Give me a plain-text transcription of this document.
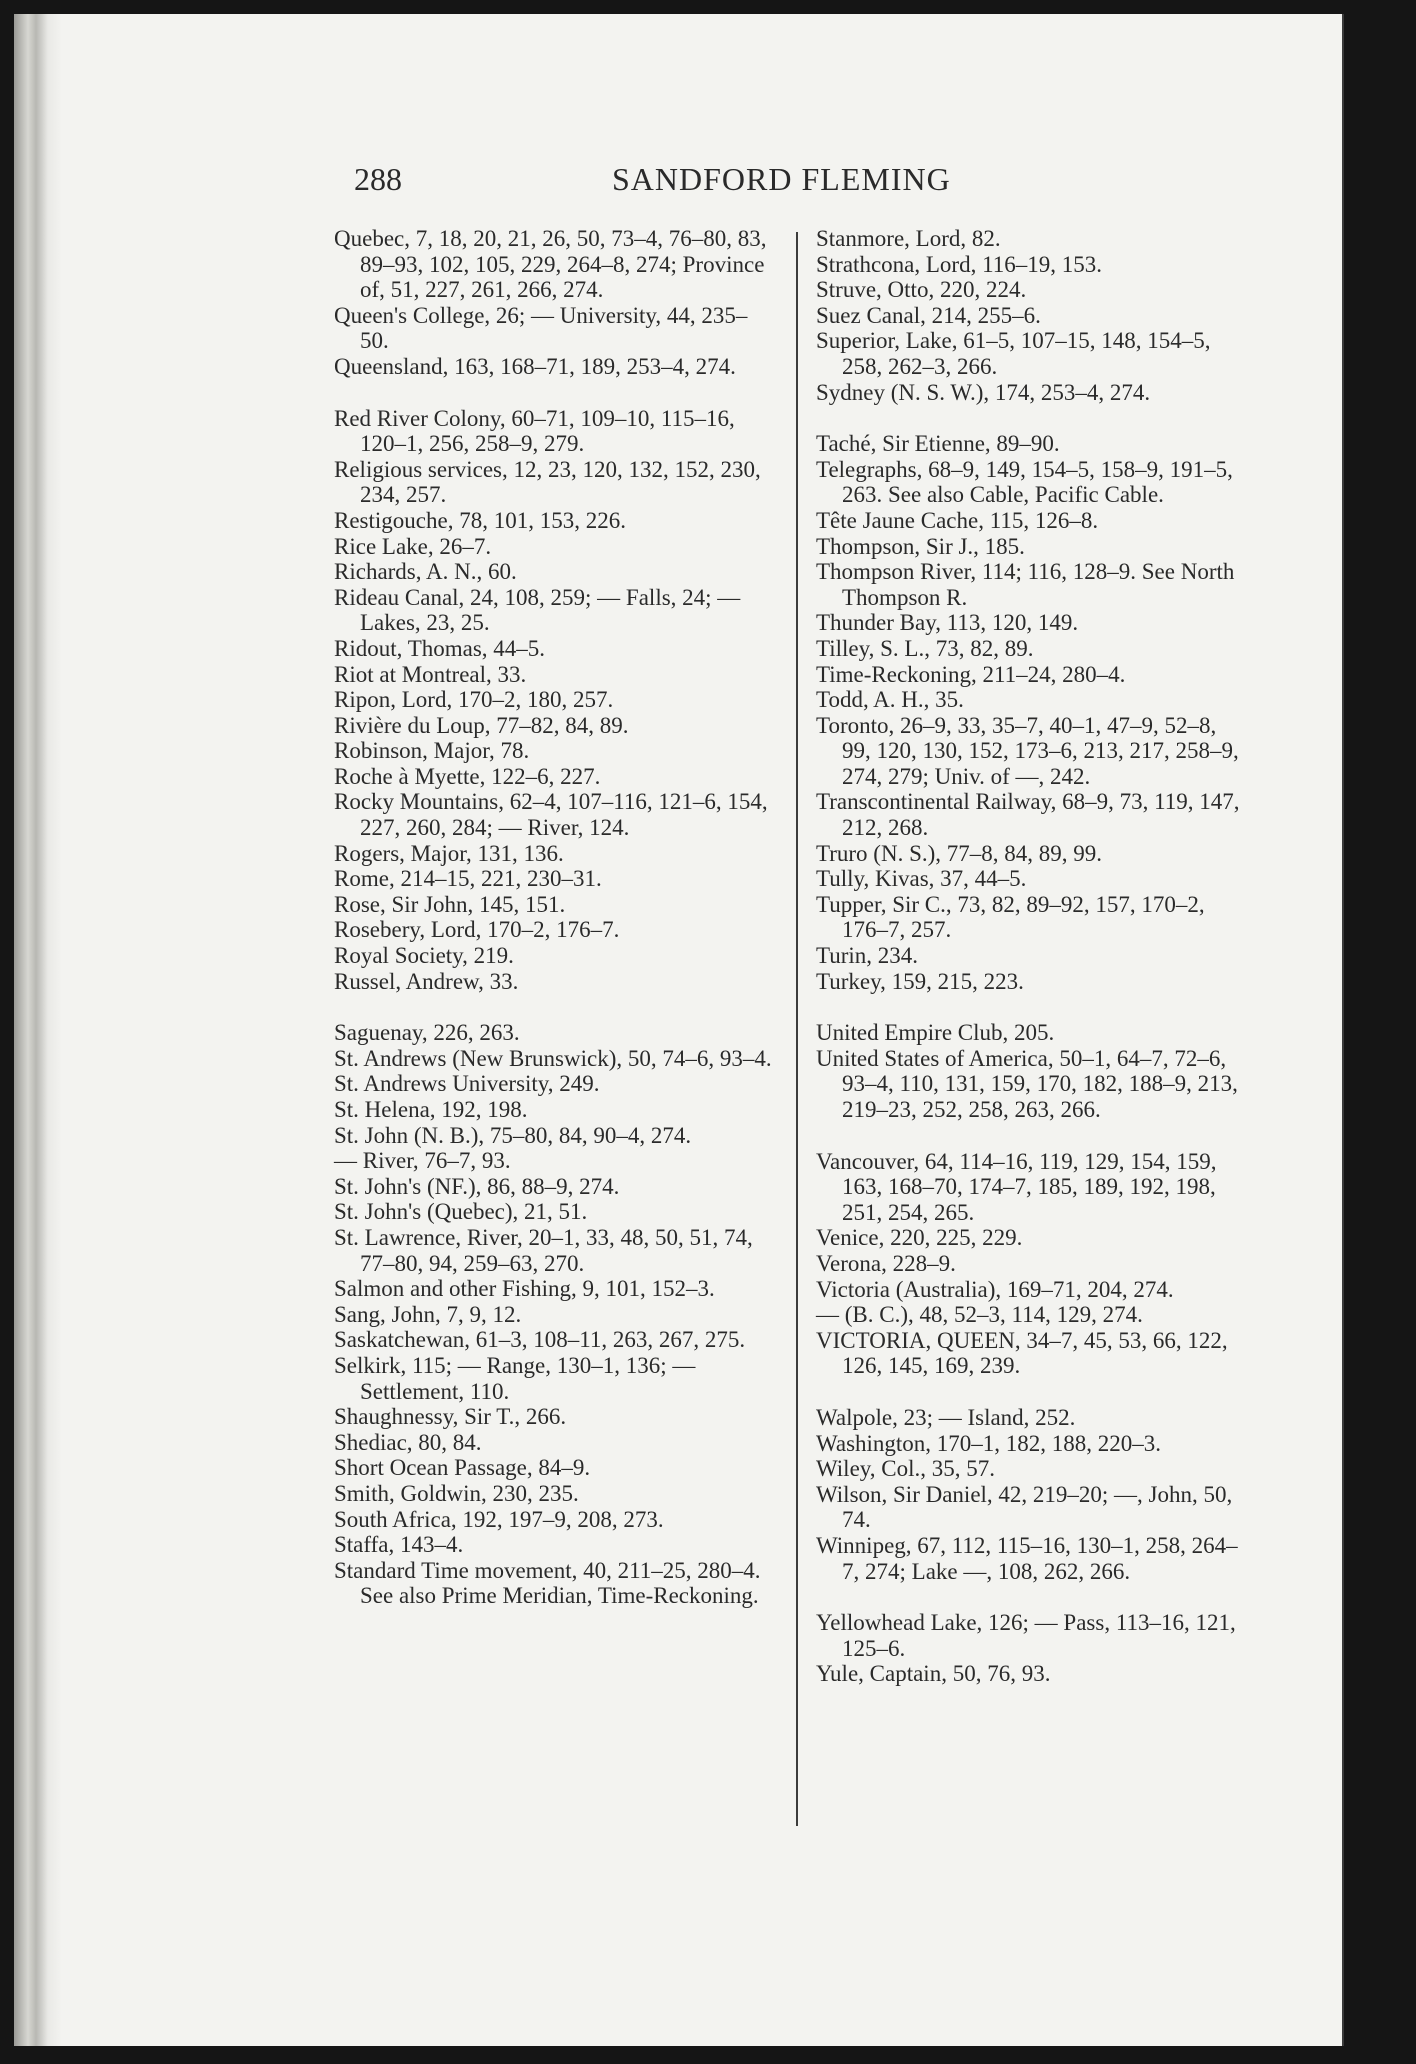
288	SANDFORD FLEMING

Quebec, 7, 18, 20, 21, 26, 50, 73–4, 76–80, 83, 89–93, 102, 105, 229, 264–8, 274; Province of, 51, 227, 261, 266, 274.

Queen's College, 26; — University, 44, 235–50.

Queensland, 163, 168–71, 189, 253–4, 274.

Red River Colony, 60–71, 109–10, 115–16, 120–1, 256, 258–9, 279.

Religious services, 12, 23, 120, 132, 152, 230, 234, 257.

Restigouche, 78, 101, 153, 226.

Rice Lake, 26–7.

Richards, A. N., 60.

Rideau Canal, 24, 108, 259; — Falls, 24; — Lakes, 23, 25.

Ridout, Thomas, 44–5.

Riot at Montreal, 33.

Ripon, Lord, 170–2, 180, 257.

Rivière du Loup, 77–82, 84, 89.

Robinson, Major, 78.

Roche à Myette, 122–6, 227.

Rocky Mountains, 62–4, 107–116, 121–6, 154, 227, 260, 284; — River, 124.

Rogers, Major, 131, 136.

Rome, 214–15, 221, 230–31.

Rose, Sir John, 145, 151.

Rosebery, Lord, 170–2, 176–7.

Royal Society, 219.

Russel, Andrew, 33.

Saguenay, 226, 263.

St. Andrews (New Brunswick), 50, 74–6, 93–4.

St. Andrews University, 249.

St. Helena, 192, 198.

St. John (N. B.), 75–80, 84, 90–4, 274.

— River, 76–7, 93.

St. John's (NF.), 86, 88–9, 274.

St. John's (Quebec), 21, 51.

St. Lawrence, River, 20–1, 33, 48, 50, 51, 74, 77–80, 94, 259–63, 270.

Salmon and other Fishing, 9, 101, 152–3.

Sang, John, 7, 9, 12.

Saskatchewan, 61–3, 108–11, 263, 267, 275.

Selkirk, 115; — Range, 130–1, 136; — Settlement, 110.

Shaughnessy, Sir T., 266.

Shediac, 80, 84.

Short Ocean Passage, 84–9.

Smith, Goldwin, 230, 235.

South Africa, 192, 197–9, 208, 273.

Staffa, 143–4.

Standard Time movement, 40, 211–25, 280–4. See also Prime Meridian, Time-Reckoning.

Stanmore, Lord, 82.

Strathcona, Lord, 116–19, 153.

Struve, Otto, 220, 224.

Suez Canal, 214, 255–6.

Superior, Lake, 61–5, 107–15, 148, 154–5, 258, 262–3, 266.

Sydney (N. S. W.), 174, 253–4, 274.

Taché, Sir Etienne, 89–90.

Telegraphs, 68–9, 149, 154–5, 158–9, 191–5, 263. See also Cable, Pacific Cable.

Tête Jaune Cache, 115, 126–8.

Thompson, Sir J., 185.

Thompson River, 114; 116, 128–9. See North Thompson R.

Thunder Bay, 113, 120, 149.

Tilley, S. L., 73, 82, 89.

Time-Reckoning, 211–24, 280–4.

Todd, A. H., 35.

Toronto, 26–9, 33, 35–7, 40–1, 47–9, 52–8, 99, 120, 130, 152, 173–6, 213, 217, 258–9, 274, 279; Univ. of —, 242.

Transcontinental Railway, 68–9, 73, 119, 147, 212, 268.

Truro (N. S.), 77–8, 84, 89, 99.

Tully, Kivas, 37, 44–5.

Tupper, Sir C., 73, 82, 89–92, 157, 170–2, 176–7, 257.

Turin, 234.

Turkey, 159, 215, 223.

United Empire Club, 205.

United States of America, 50–1, 64–7, 72–6, 93–4, 110, 131, 159, 170, 182, 188–9, 213, 219–23, 252, 258, 263, 266.

Vancouver, 64, 114–16, 119, 129, 154, 159, 163, 168–70, 174–7, 185, 189, 192, 198, 251, 254, 265.

Venice, 220, 225, 229.

Verona, 228–9.

Victoria (Australia), 169–71, 204, 274.

— (B. C.), 48, 52–3, 114, 129, 274.

VICTORIA, QUEEN, 34–7, 45, 53, 66, 122, 126, 145, 169, 239.

Walpole, 23; — Island, 252.

Washington, 170–1, 182, 188, 220–3.

Wiley, Col., 35, 57.

Wilson, Sir Daniel, 42, 219–20; —, John, 50, 74.

Winnipeg, 67, 112, 115–16, 130–1, 258, 264–7, 274; Lake —, 108, 262, 266.

Yellowhead Lake, 126; — Pass, 113–16, 121, 125–6.

Yule, Captain, 50, 76, 93.
